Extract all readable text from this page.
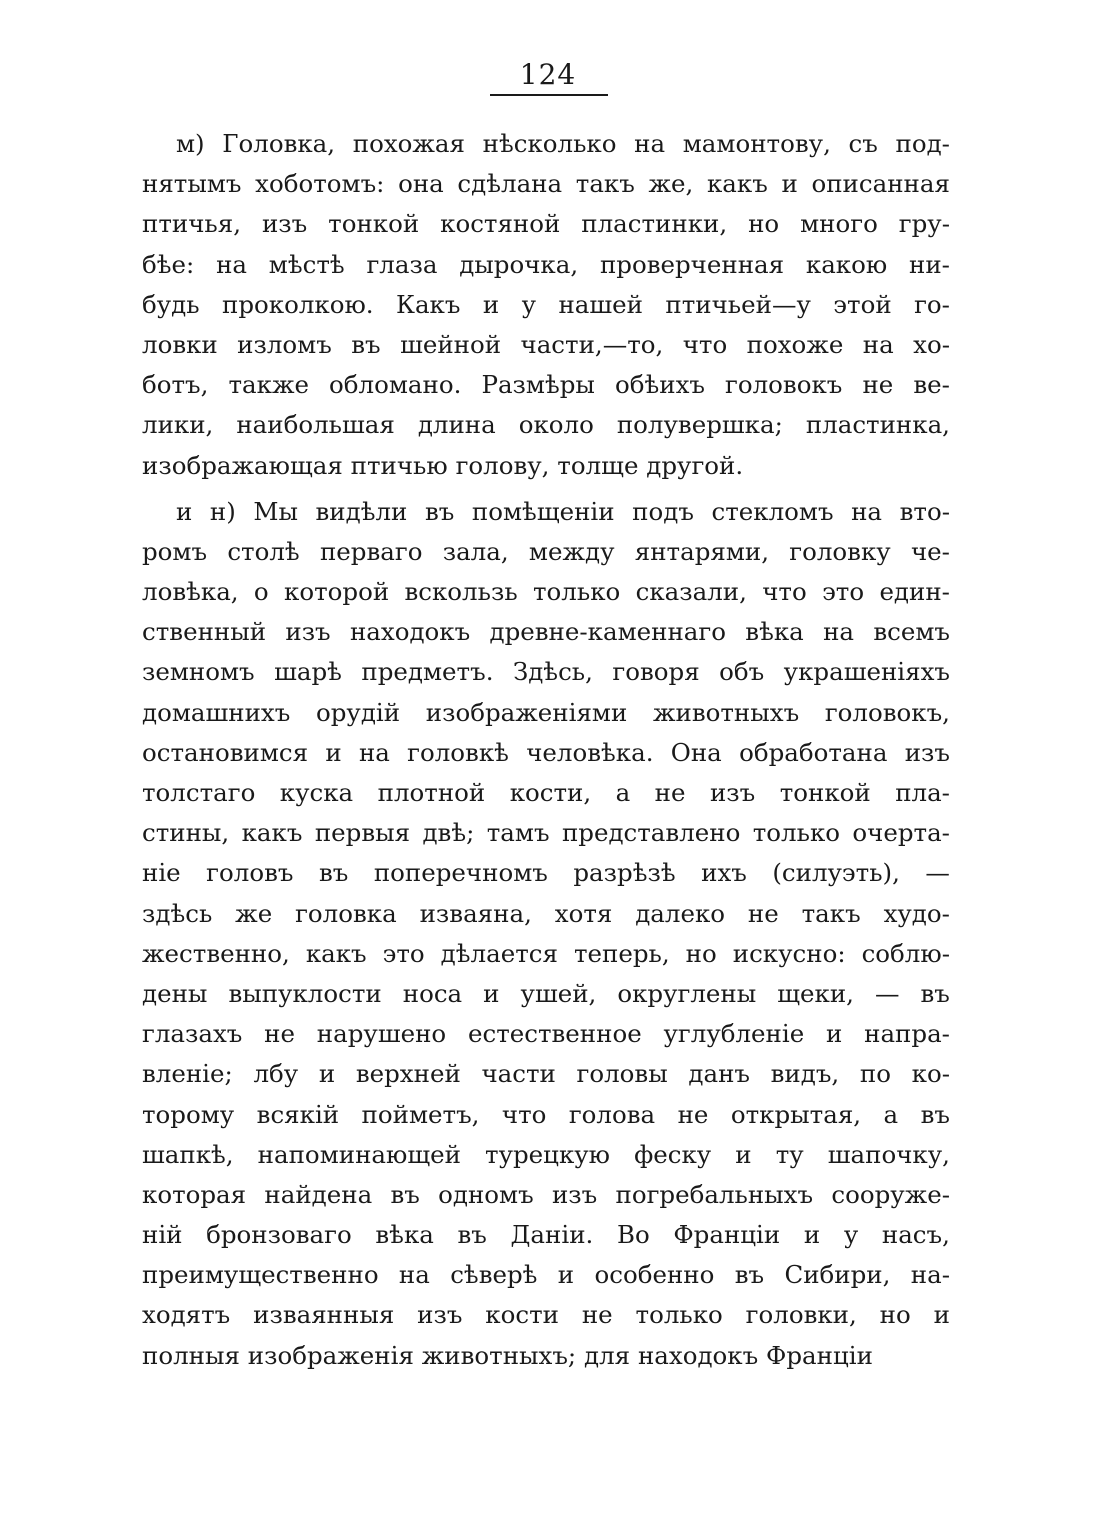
124
м) Головка, похожая нѣсколько на мамонтову, съ под-
нятымъ хоботомъ: она сдѣлана такъ же, какъ и описанная
птичья, изъ тонкой костяной пластинки, но много гру-
бѣе: на мѣстѣ глаза дырочка, проверченная какою ни-
будь проколкою. Какъ и у нашей птичьей—у этой го-
ловки изломъ въ шейной части,—то, что похоже на хо-
ботъ, также обломано. Размѣры обѣихъ головокъ не ве-
лики, наибольшая длина около полувершка; пластинка,
изображающая птичью голову, толще другой.
и н) Мы видѣли въ помѣщеніи подъ стекломъ на вто-
ромъ столѣ перваго зала, между янтарями, головку че-
ловѣка, о которой вскользь только сказали, что это един-
ственный изъ находокъ древне-каменнаго вѣка на всемъ
земномъ шарѣ предметъ. Здѣсь, говоря объ украшеніяхъ
домашнихъ орудій изображеніями животныхъ головокъ,
остановимся и на головкѣ человѣка. Она обработана изъ
толстаго куска плотной кости, а не изъ тонкой пла-
стины, какъ первыя двѣ; тамъ представлено только очерта-
ніе головъ въ поперечномъ разрѣзѣ ихъ (силуэть), —
здѣсь же головка изваяна, хотя далеко не такъ худо-
жественно, какъ это дѣлается теперь, но искусно: соблю-
дены выпуклости носа и ушей, округлены щеки, — въ
глазахъ не нарушено естественное углубленіе и напра-
вленіе; лбу и верхней части головы данъ видъ, по ко-
торому всякій пойметъ, что голова не открытая, а въ
шапкѣ, напоминающей турецкую феску и ту шапочку,
которая найдена въ одномъ изъ погребальныхъ сооруже-
ній бронзоваго вѣка въ Даніи. Во Франціи и у насъ,
преимущественно на сѣверѣ и особенно въ Сибири, на-
ходятъ изваянныя изъ кости не только головки, но и
полныя изображенія животныхъ; для находокъ Франціи
